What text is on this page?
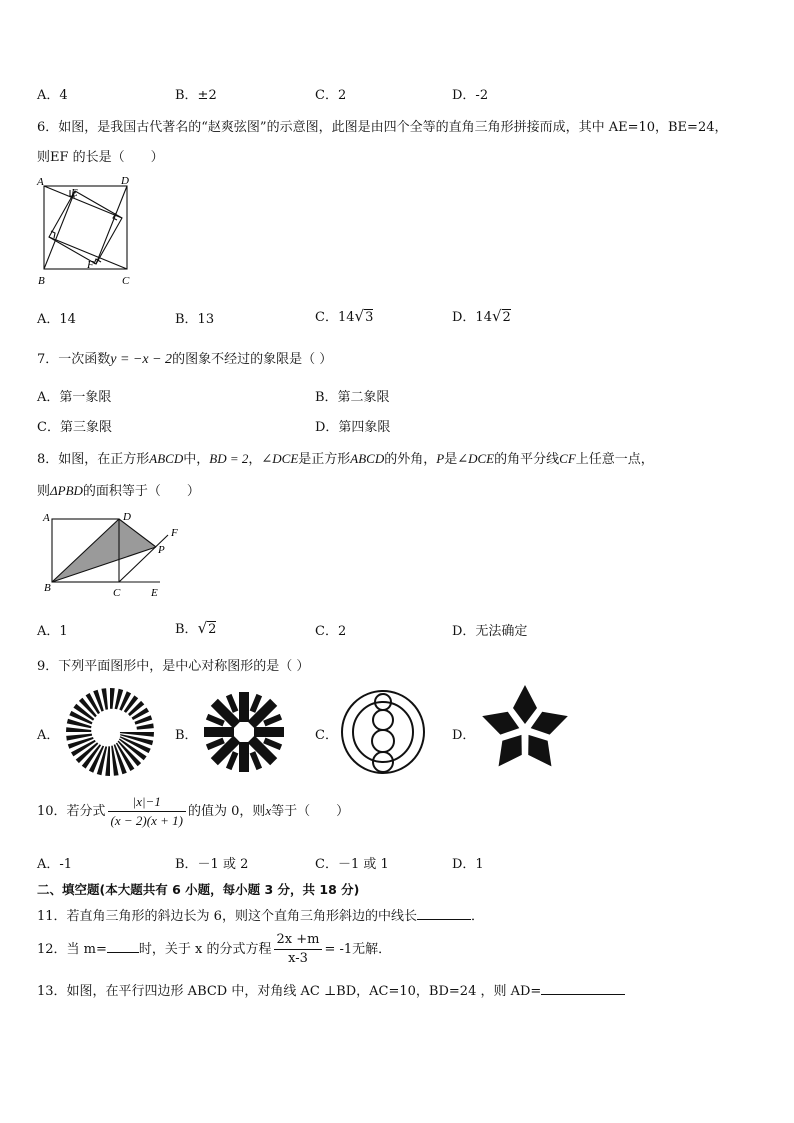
A．4	B．±2	C．2	D．-2
6．如图，是我国古代著名的“赵爽弦图”的示意图，此图是由四个全等的直角三角形拼接而成，其中 AE=10，BE=24，
则EF 的长是（　　）
A	D
E
B
F
C
A．14	B．13	C．14√3	D．14√2
7．一次函数y = −x − 2的图象不经过的象限是（ ）
A．第一象限	B．第二象限
C．第三象限	D．第四象限
8．如图，在正方形ABCD中，BD = 2，∠DCE是正方形ABCD的外角，P是∠DCE的角平分线CF上任意一点，
则ΔPBD的面积等于（　　）
A	D
F
P
B	C	E
A．1	B．√2	C．2	D．无法确定
9．下列平面图形中，是中心对称图形的是（ ）
A．	B．	C．	D．
10．若分式 $\frac{|x|-1}{(x - 2)(x + 1)}$ 的值为 0，则x等于（　　）
A．-1	B．－1 或 2	C．－1 或 1	D．1
二、填空题(本大题共有 6 小题，每小题 3 分，共 18 分)
11．若直角三角形的斜边长为 6，则这个直角三角形斜边的中线长	．
12．当 m= 时，关于 x 的分式方程 $\frac{2x +m}{x-3} = -1$无解．
13．如图，在平行四边形 ABCD 中，对角线 AC ⊥BD，AC=10，BD=24 ，则 AD=
